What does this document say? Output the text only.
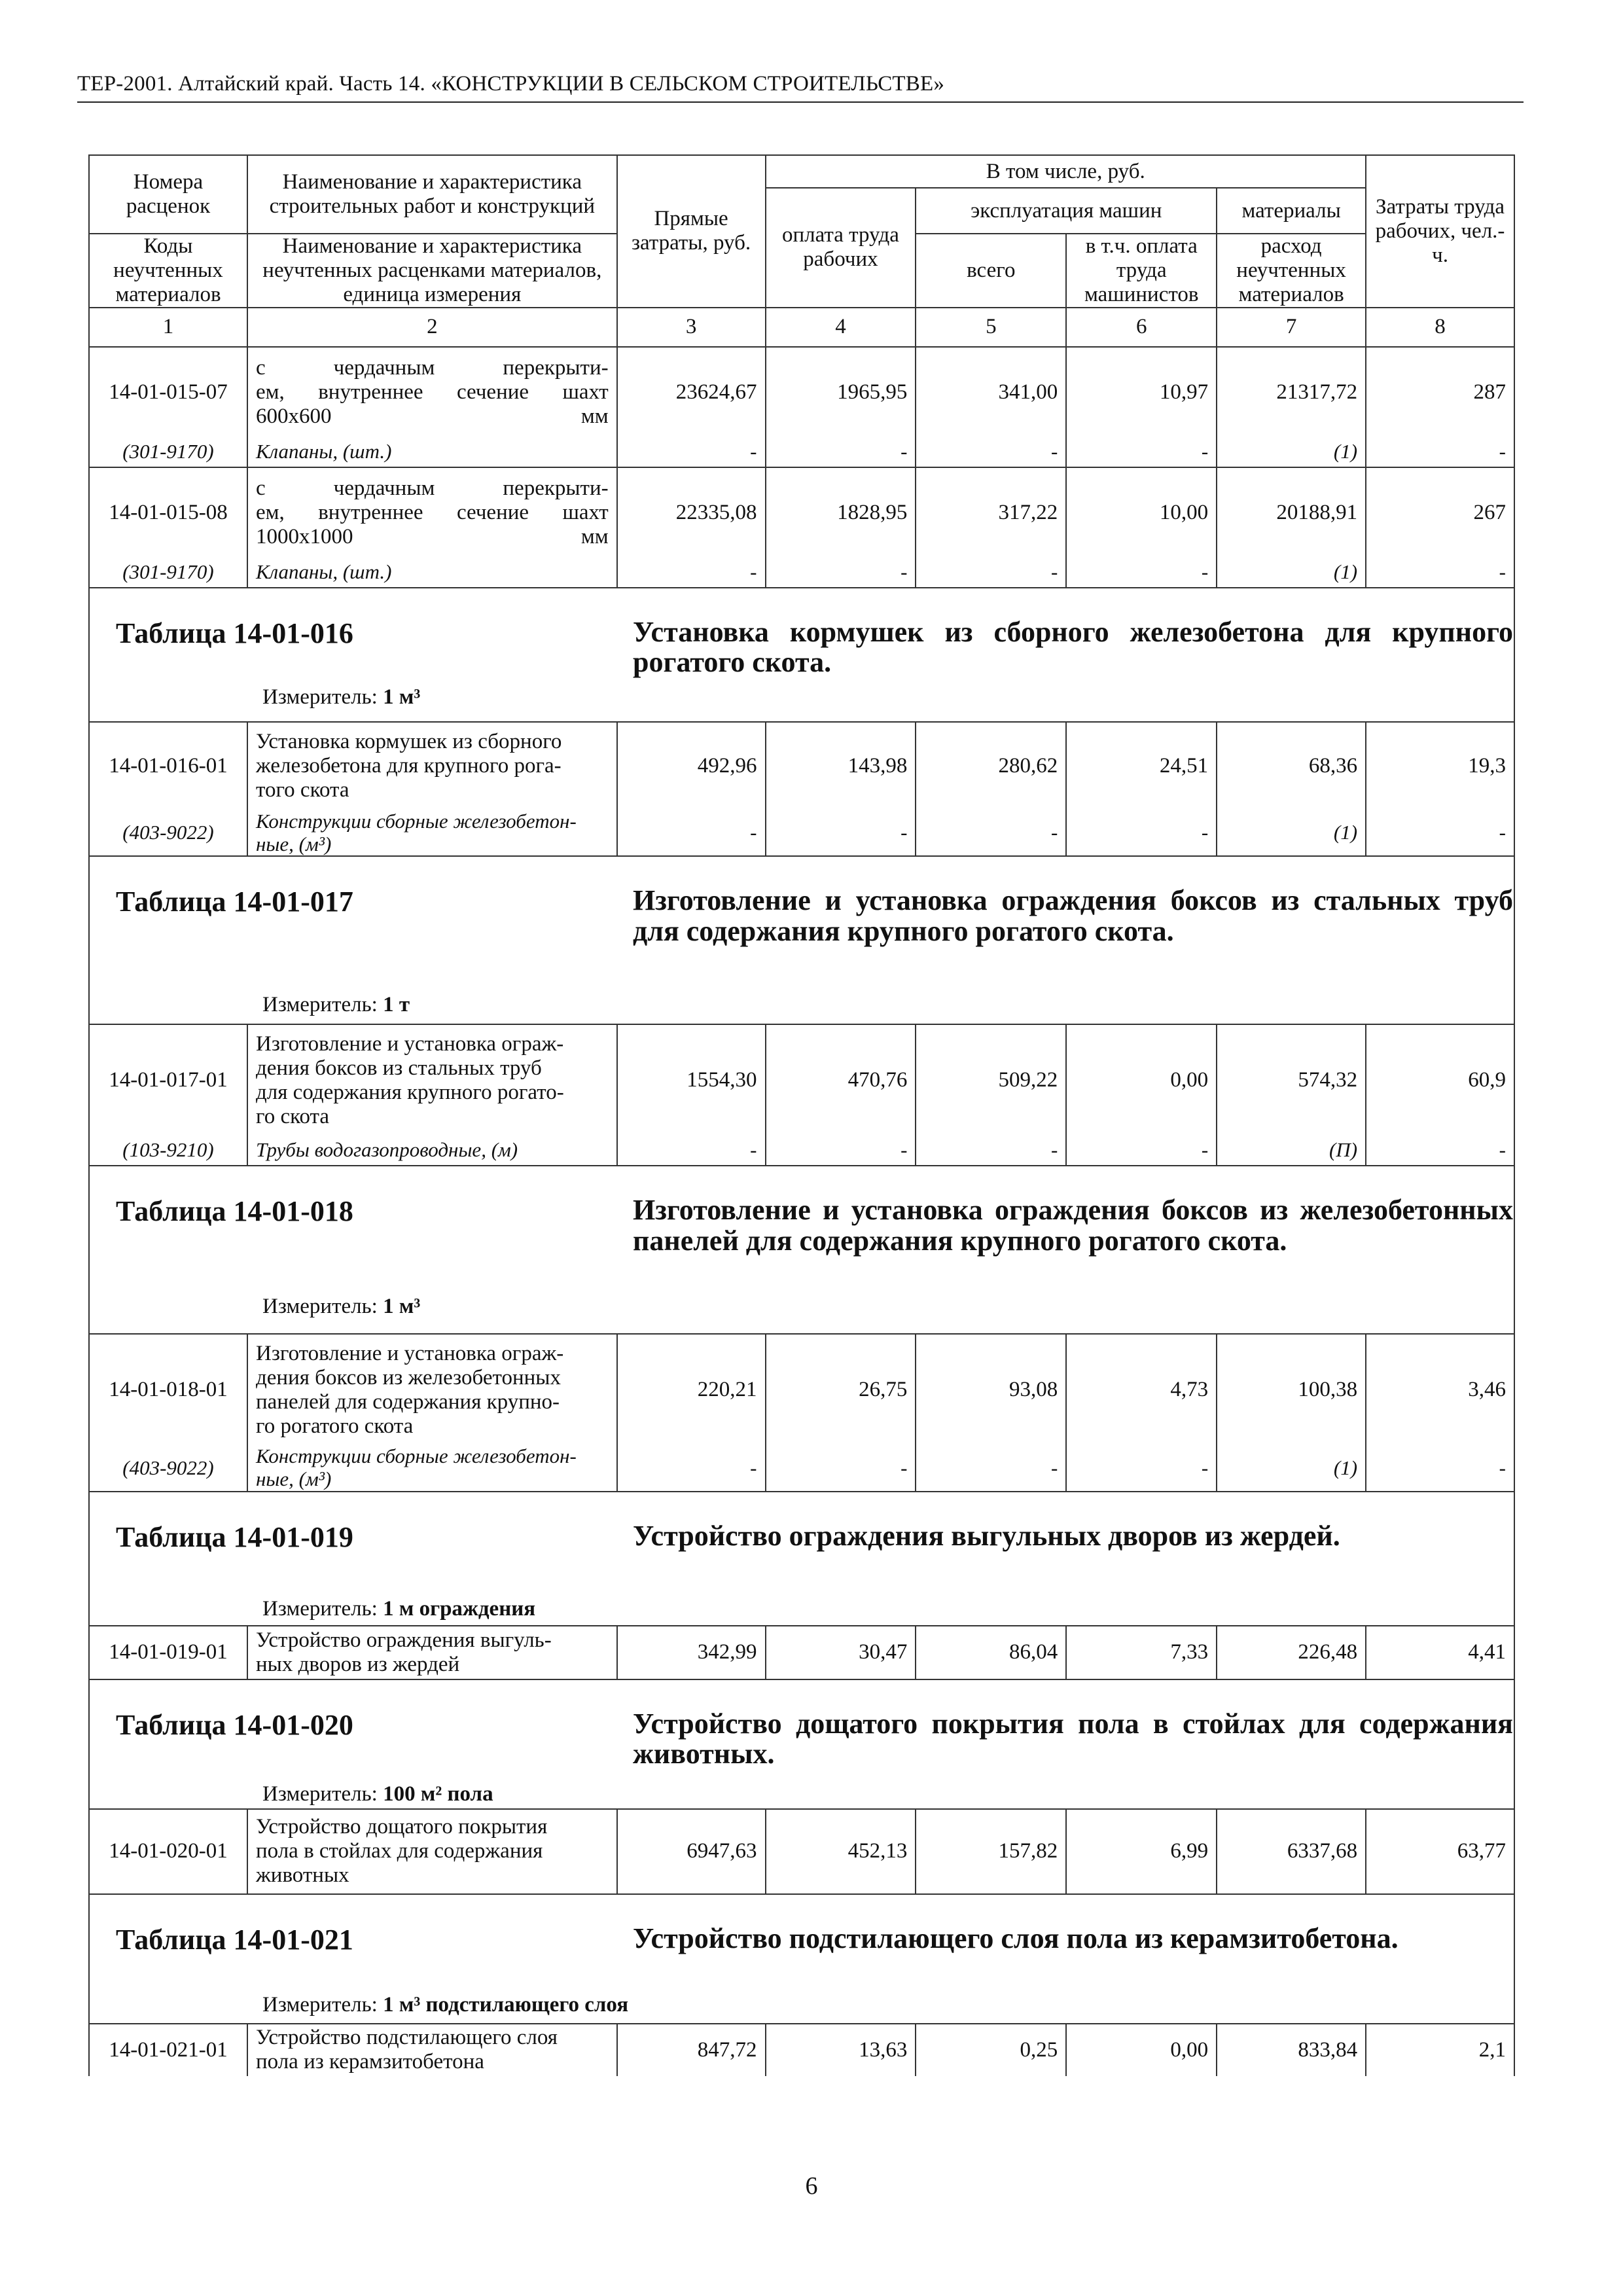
ТЕР-2001. Алтайский край. Часть 14. «КОНСТРУКЦИИ В СЕЛЬСКОМ СТРОИТЕЛЬСТВЕ»
Номера расценок	Наименование и характеристика строительных работ и конструкций	Прямые затраты, руб.	В том числе, руб.				Затраты труда рабочих, чел.-ч.
			оплата труда рабочих	эксплуатация машин		материалы	
Коды неучтенных материалов	Наименование и характеристика неучтенных расценками материалов, единица измерения			всего	в т.ч. оплата труда машинистов	расход неучтенных материалов	

1	2	3	4	5	6	7	8
14-01-015-07	с чердачным перекрыти-
ем, внутреннее сечение шахт
600х600 мм	23624,67	1965,95	341,00	10,97	21317,72	287
(301-9170)	Клапаны, (шт.)	-	-	-	-	(1)	-
14-01-015-08	с чердачным перекрыти-
ем, внутреннее сечение шахт
1000х1000 мм	22335,08	1828,95	317,22	10,00	20188,91	267
(301-9170)	Клапаны, (шт.)	-	-	-	-	(1)	-

Таблица 14-01-016 Установка кормушек из сборного железобетона для крупного рогатого скота.
Измеритель: 1 м³							

14-01-016-01	Установка кормушек из сборного
железобетона для крупного рога-
того скота	492,96	143,98	280,62	24,51	68,36	19,3
(403-9022)	Конструкции сборные железобетон-
ные, (м³)	-	-	-	-	(1)	-

Таблица 14-01-017 Изготовление и установка ограждения боксов из стальных труб для содержания крупного рогатого скота.
Измеритель: 1 т							

14-01-017-01	Изготовление и установка ограж-
дения боксов из стальных труб
для содержания крупного рогато-
го скота	1554,30	470,76	509,22	0,00	574,32	60,9
(103-9210)	Трубы водогазопроводные, (м)	-	-	-	-	(П)	-

Таблица 14-01-018 Изготовление и установка ограждения боксов из железобетонных панелей для содержания крупного рогатого скота.
Измеритель: 1 м³							

14-01-018-01	Изготовление и установка ограж-
дения боксов из железобетонных
панелей для содержания крупно-
го рогатого скота	220,21	26,75	93,08	4,73	100,38	3,46
(403-9022)	Конструкции сборные железобетон-
ные, (м³)	-	-	-	-	(1)	-

Таблица 14-01-019 Устройство ограждения выгульных дворов из жердей.
Измеритель: 1 м ограждения							

14-01-019-01	Устройство ограждения выгуль-
ных дворов из жердей	342,99	30,47	86,04	7,33	226,48	4,41

Таблица 14-01-020 Устройство дощатого покрытия пола в стойлах для содержания животных.
Измеритель: 100 м² пола							

14-01-020-01	Устройство дощатого покрытия
пола в стойлах для содержания
животных	6947,63	452,13	157,82	6,99	6337,68	63,77

Таблица 14-01-021 Устройство подстилающего слоя пола из керамзитобетона.
Измеритель: 1 м³ подстилающего слоя							

14-01-021-01	Устройство подстилающего слоя
пола из керамзитобетона	847,72	13,63	0,25	0,00	833,84	2,1
6
